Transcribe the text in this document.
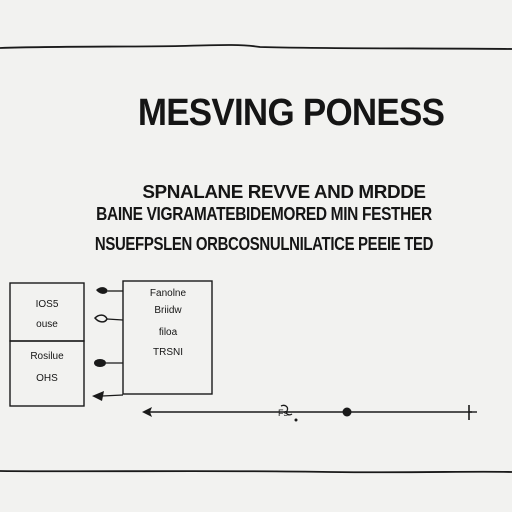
Fs
MESVING PONESS
SPNALANE REVVE AND MRDDE
BAINE VIGRAMATEBIDEMORED MIN FESTHER
NSUEFPSLEN ORBCOSNULNILATICE PEEIE TED
IOS5
ouse
Rosilue
OHS
Fanolne
Briidw
filoa
TRSNI
